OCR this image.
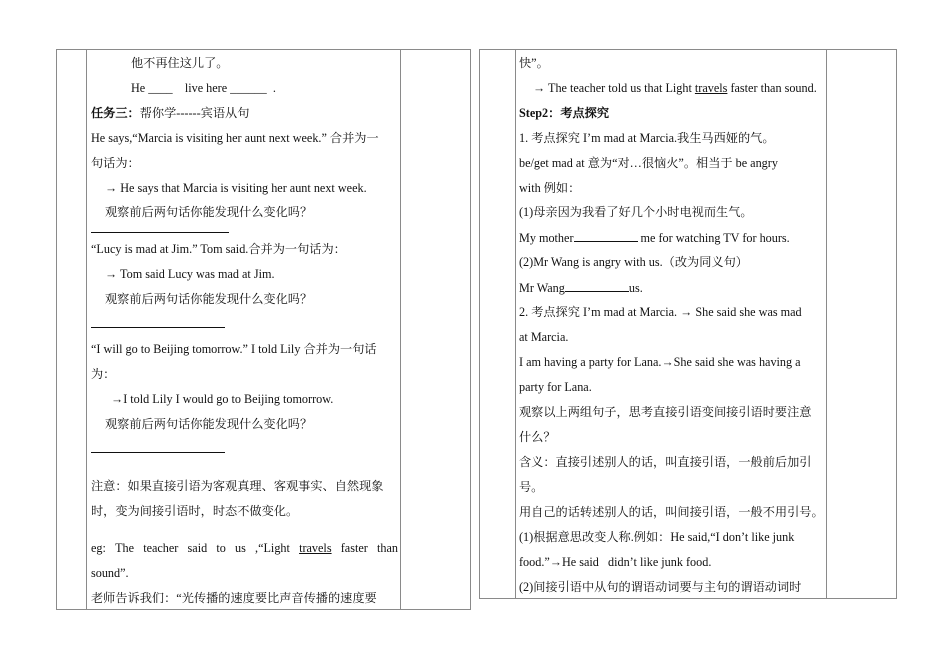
他不再住这儿了。
He ____ live here ______ .
任务三：帮你学------宾语从句
He says,“Marcia is visiting her aunt next week.” 合并为一
句话为：
→ He says that Marcia is visiting her aunt next week.
观察前后两句话你能发现什么变化吗？
“Lucy is mad at Jim.” Tom said.合并为一句话为：
→ Tom said Lucy was mad at Jim.
观察前后两句话你能发现什么变化吗？
“I will go to Beijing tomorrow.” I told Lily 合并为一句话
为：
→I told Lily I would go to Beijing tomorrow.
观察前后两句话你能发现什么变化吗？
注意：如果直接引语为客观真理、客观事实、自然现象
时，变为间接引语时，时态不做变化。
eg: The teacher said to us ,“Light travels faster than
sound”.
老师告诉我们：“光传播的速度要比声音传播的速度要
快”。
→ The teacher told us that Light travels faster than sound.
Step2：考点探究
1. 考点探究 I’m mad at Marcia.我生马西娅的气。
be/get mad at 意为“对…很恼火”。相当于 be angry
with 例如：
(1)母亲因为我看了好几个小时电视而生气。
My mother	me for watching TV for hours.
(2)Mr Wang is angry with us.（改为同义句）
Mr Wang	us.
2. 考点探究 I’m mad at Marcia. → She said she was mad
at Marcia.
I am having a party for Lana.→She said she was having a
party for Lana.
观察以上两组句子，思考直接引语变间接引语时要注意
什么？
含义：直接引述别人的话，叫直接引语，一般前后加引
号。
用自己的话转述别人的话，叫间接引语，一般不用引号。
(1)根据意思改变人称.例如：He said,“I don’t like junk
food.”→He said   didn’t like junk food.
(2)间接引语中从句的谓语动词要与主句的谓语动词时
